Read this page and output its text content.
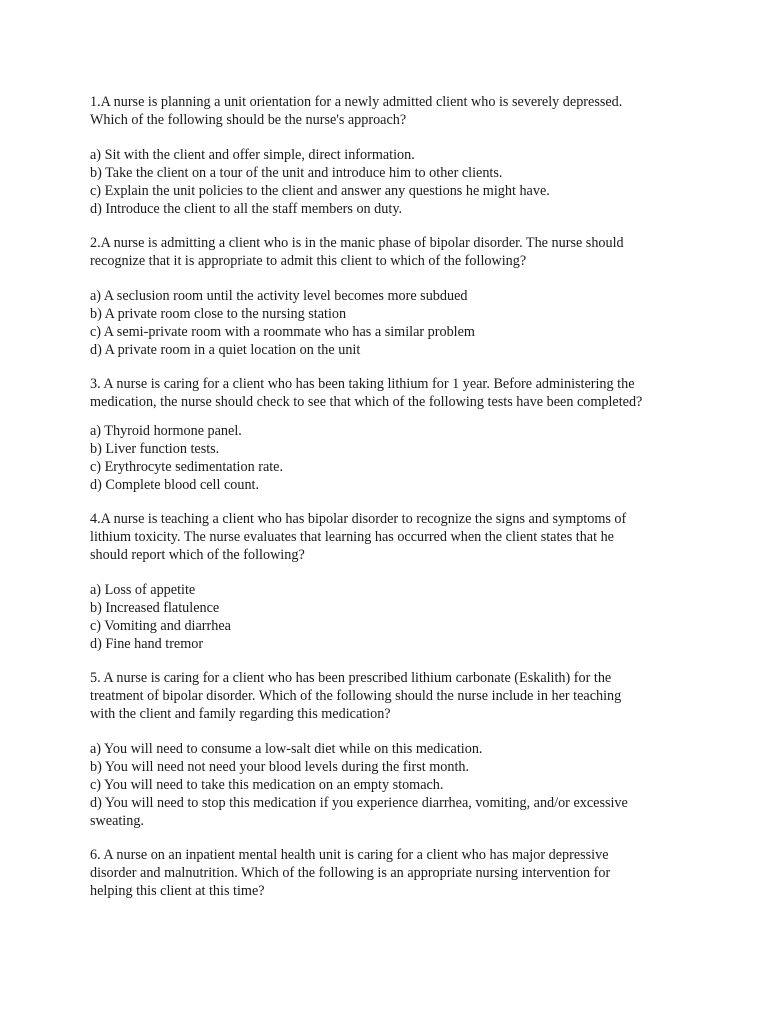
1.A nurse is planning a unit orientation for a newly admitted client who is severely depressed.
Which of the following should be the nurse's approach?

a) Sit with the client and offer simple, direct information.
b) Take the client on a tour of the unit and introduce him to other clients.
c) Explain the unit policies to the client and answer any questions he might have.
d) Introduce the client to all the staff members on duty.

2.A nurse is admitting a client who is in the manic phase of bipolar disorder. The nurse should
recognize that it is appropriate to admit this client to which of the following?

a) A seclusion room until the activity level becomes more subdued
b) A private room close to the nursing station
c) A semi-private room with a roommate who has a similar problem
d) A private room in a quiet location on the unit

3. A nurse is caring for a client who has been taking lithium for 1 year. Before administering the
medication, the nurse should check to see that which of the following tests have been completed?

a) Thyroid hormone panel.
b) Liver function tests.
c) Erythrocyte sedimentation rate.
d) Complete blood cell count.

4.A nurse is teaching a client who has bipolar disorder to recognize the signs and symptoms of
lithium toxicity. The nurse evaluates that learning has occurred when the client states that he
should report which of the following?

a) Loss of appetite
b) Increased flatulence
c) Vomiting and diarrhea
d) Fine hand tremor

5. A nurse is caring for a client who has been prescribed lithium carbonate (Eskalith) for the
treatment of bipolar disorder. Which of the following should the nurse include in her teaching
with the client and family regarding this medication?

a) You will need to consume a low-salt diet while on this medication.
b) You will need not need your blood levels during the first month.
c) You will need to take this medication on an empty stomach.
d) You will need to stop this medication if you experience diarrhea, vomiting, and/or excessive
sweating.

6. A nurse on an inpatient mental health unit is caring for a client who has major depressive
disorder and malnutrition. Which of the following is an appropriate nursing intervention for
helping this client at this time?
